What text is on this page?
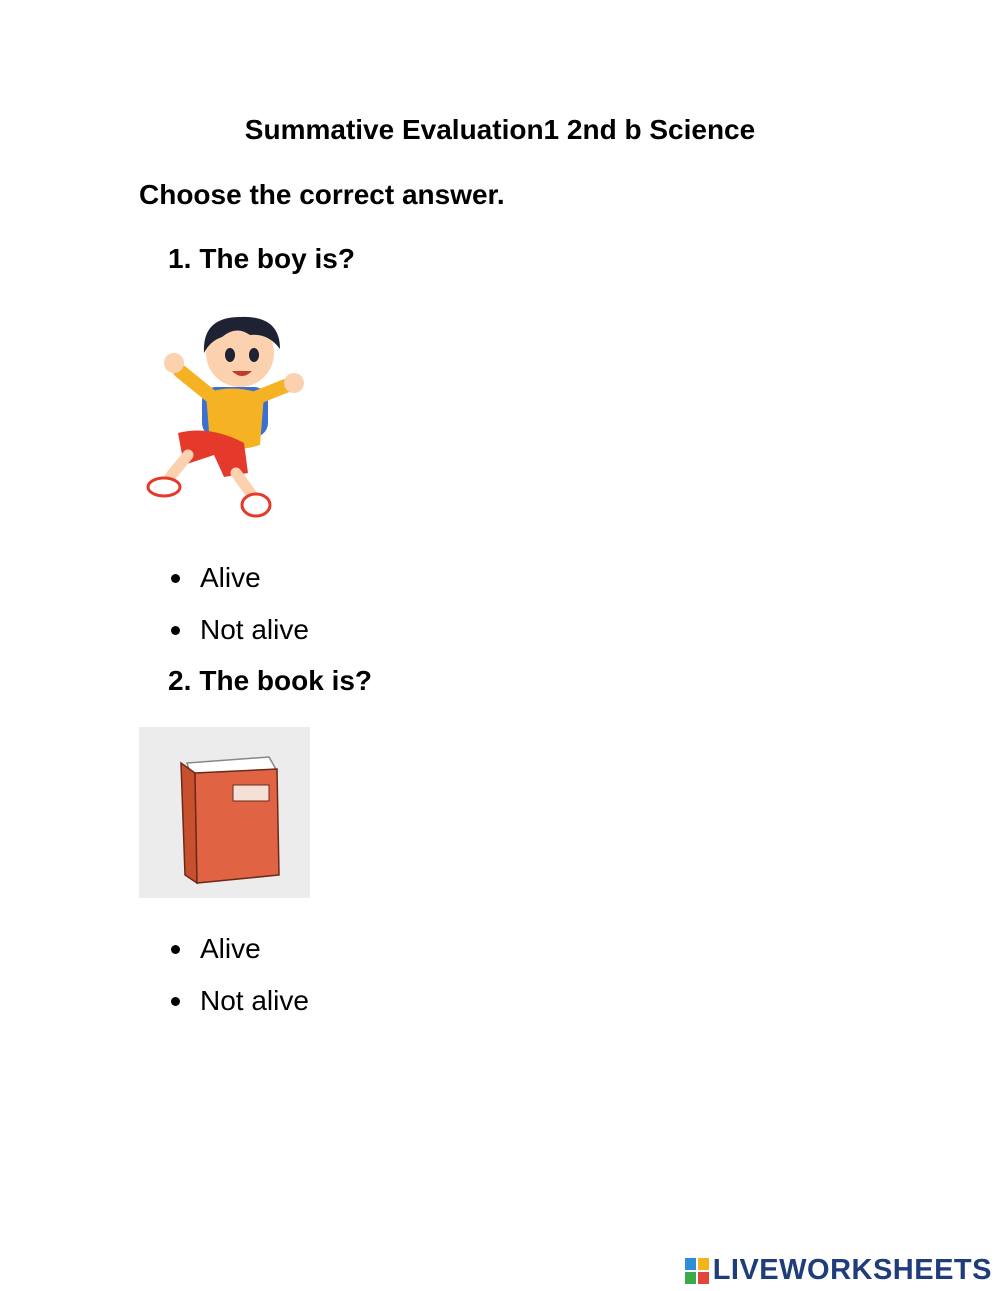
Summative Evaluation1 2nd b Science
Choose the correct answer.
1. The boy is?
Alive
Not alive
2. The book is?
Alive
Not alive
LIVEWORKSHEETS
